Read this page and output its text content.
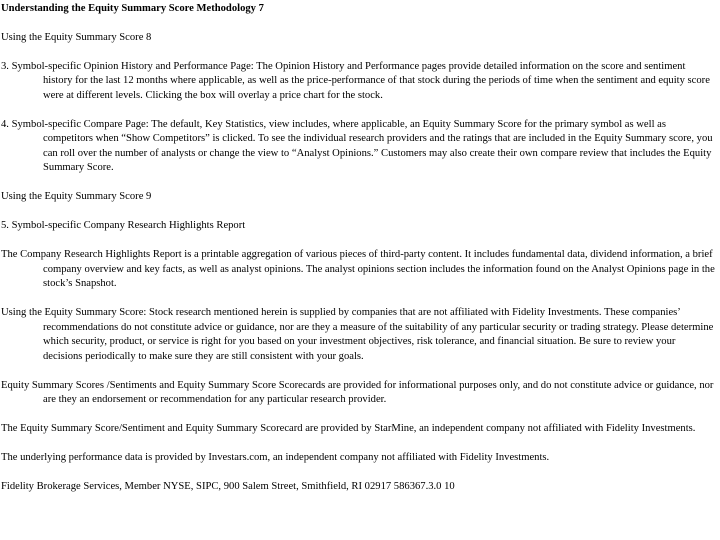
Understanding the Equity Summary Score Methodology 7
Using the Equity Summary Score 8
3. Symbol-specific Opinion History and Performance Page: The Opinion History and Performance pages provide detailed information on the score and sentiment history for the last 12 months where applicable, as well as the price-performance of that stock during the periods of time when the sentiment and equity score were at different levels. Clicking the box will overlay a price chart for the stock.
4. Symbol-specific Compare Page: The default, Key Statistics, view includes, where applicable, an Equity Summary Score for the primary symbol as well as competitors when “Show Competitors” is clicked. To see the individual research providers and the ratings that are included in the Equity Summary score, you can roll over the number of analysts or change the view to “Analyst Opinions.” Customers may also create their own compare review that includes the Equity Summary Score.
Using the Equity Summary Score 9
5. Symbol-specific Company Research Highlights Report
The Company Research Highlights Report is a printable aggregation of various pieces of third-party content. It includes fundamental data, dividend information, a brief company overview and key facts, as well as analyst opinions. The analyst opinions section includes the information found on the Analyst Opinions page in the stock’s Snapshot.
Using the Equity Summary Score: Stock research mentioned herein is supplied by companies that are not affiliated with Fidelity Investments. These companies’ recommendations do not constitute advice or guidance, nor are they a measure of the suitability of any particular security or trading strategy. Please determine which security, product, or service is right for you based on your investment objectives, risk tolerance, and financial situation. Be sure to review your decisions periodically to make sure they are still consistent with your goals.
Equity Summary Scores /Sentiments and Equity Summary Score Scorecards are provided for informational purposes only, and do not constitute advice or guidance, nor are they an endorsement or recommendation for any particular research provider.
The Equity Summary Score/Sentiment and Equity Summary Scorecard are provided by StarMine, an independent company not affiliated with Fidelity Investments.
The underlying performance data is provided by Investars.com, an independent company not affiliated with Fidelity Investments.
Fidelity Brokerage Services, Member NYSE, SIPC, 900 Salem Street, Smithfield, RI 02917 586367.3.0 10
